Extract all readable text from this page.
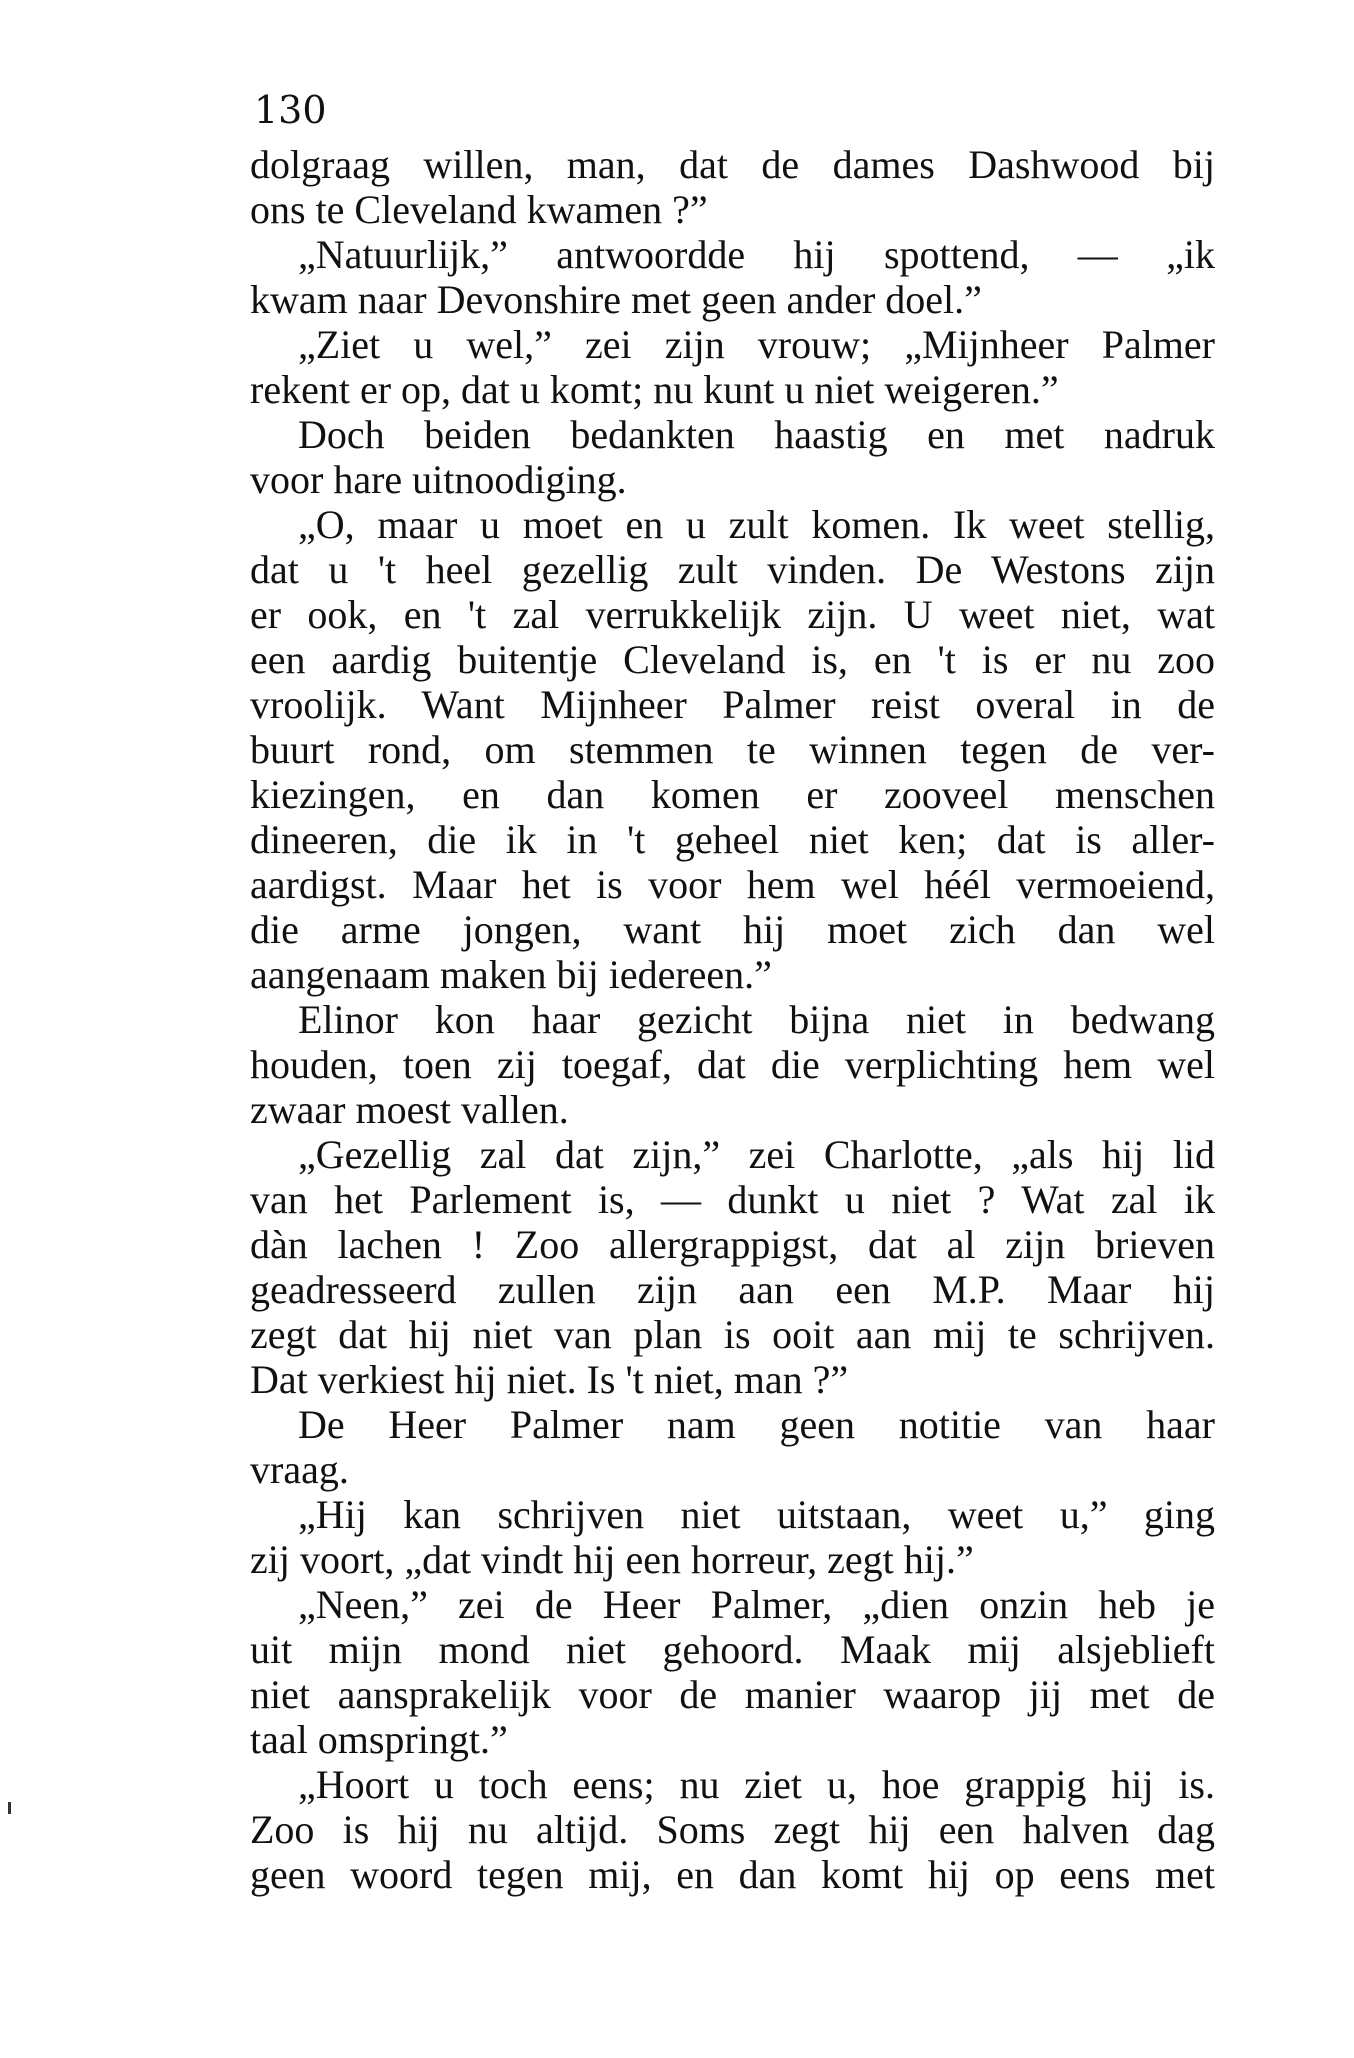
130
dolgraag willen, man, dat de dames Dashwood bij
ons te Cleveland kwamen ?”
„Natuurlijk,” antwoordde hij spottend, — „ik
kwam naar Devonshire met geen ander doel.”
„Ziet u wel,” zei zijn vrouw; „Mijnheer Palmer
rekent er op, dat u komt; nu kunt u niet weigeren.”
Doch beiden bedankten haastig en met nadruk
voor hare uitnoodiging.
„O, maar u moet en u zult komen. Ik weet stellig,
dat u 't heel gezellig zult vinden. De Westons zijn
er ook, en 't zal verrukkelijk zijn. U weet niet, wat
een aardig buitentje Cleveland is, en 't is er nu zoo
vroolijk. Want Mijnheer Palmer reist overal in de
buurt rond, om stemmen te winnen tegen de ver-
kiezingen, en dan komen er zooveel menschen
dineeren, die ik in 't geheel niet ken; dat is aller-
aardigst. Maar het is voor hem wel héél vermoeiend,
die arme jongen, want hij moet zich dan wel
aangenaam maken bij iedereen.”
Elinor kon haar gezicht bijna niet in bedwang
houden, toen zij toegaf, dat die verplichting hem wel
zwaar moest vallen.
„Gezellig zal dat zijn,” zei Charlotte, „als hij lid
van het Parlement is, — dunkt u niet ? Wat zal ik
dàn lachen ! Zoo allergrappigst, dat al zijn brieven
geadresseerd zullen zijn aan een M.P. Maar hij
zegt dat hij niet van plan is ooit aan mij te schrijven.
Dat verkiest hij niet. Is 't niet, man ?”
De Heer Palmer nam geen notitie van haar
vraag.
„Hij kan schrijven niet uitstaan, weet u,” ging
zij voort, „dat vindt hij een horreur, zegt hij.”
„Neen,” zei de Heer Palmer, „dien onzin heb je
uit mijn mond niet gehoord. Maak mij alsjeblieft
niet aansprakelijk voor de manier waarop jij met de
taal omspringt.”
„Hoort u toch eens; nu ziet u, hoe grappig hij is.
Zoo is hij nu altijd. Soms zegt hij een halven dag
geen woord tegen mij, en dan komt hij op eens met
